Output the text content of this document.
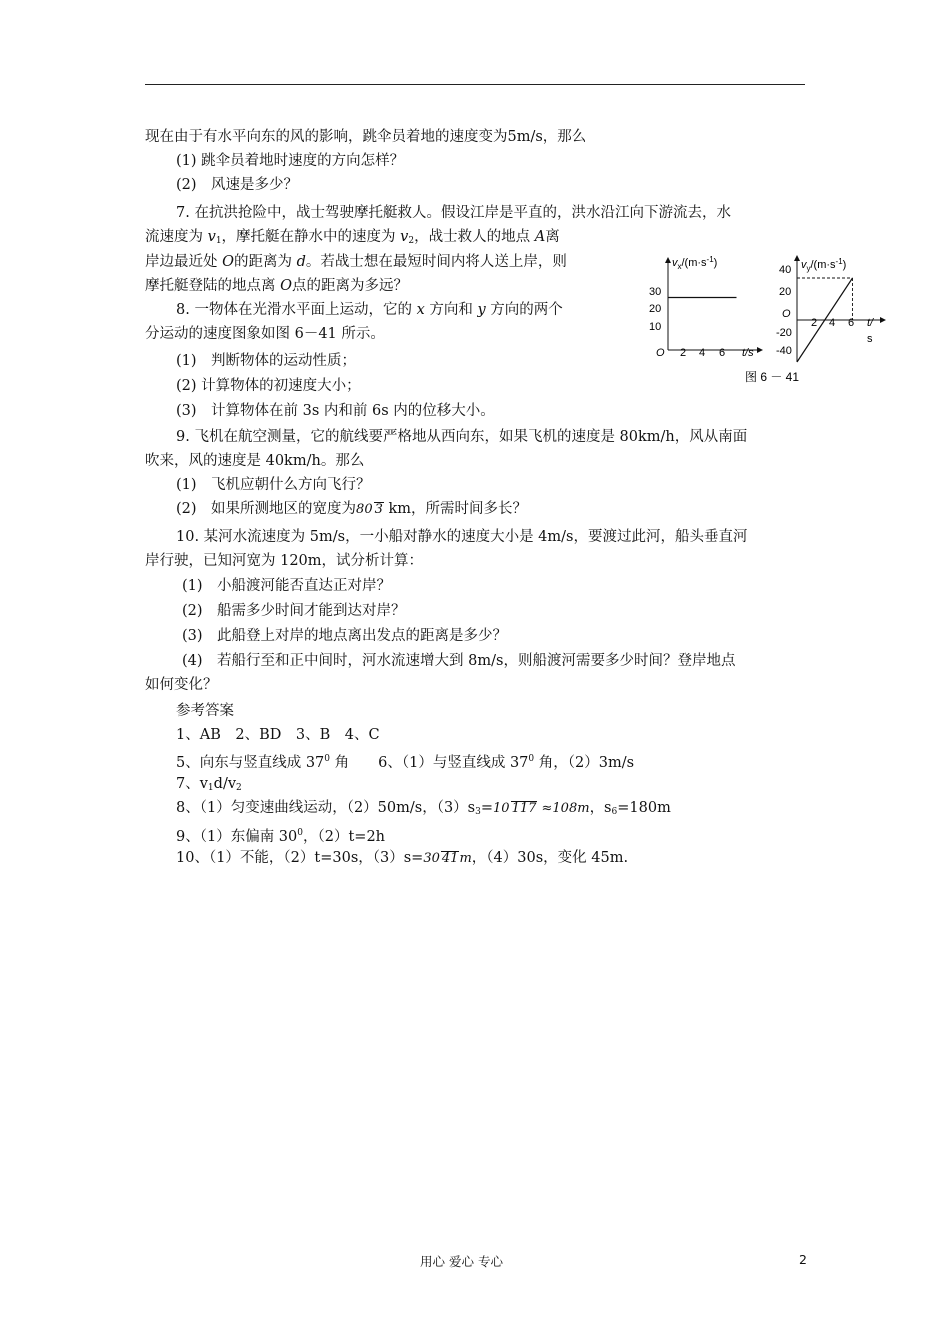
现在由于有水平向东的风的影响，跳伞员着地的速度变为5m/s，那么
(1) 跳伞员着地时速度的方向怎样？
(2)　风速是多少？
7. 在抗洪抢险中，战士驾驶摩托艇救人。假设江岸是平直的，洪水沿江向下游流去，水
流速度为 $v_1$，摩托艇在静水中的速度为 $v_2$，战士救人的地点 A离
岸边最近处 O的距离为 d。若战士想在最短时间内将人送上岸，则
摩托艇登陆的地点离 O点的距离为多远？
8. 一物体在光滑水平面上运动，它的 x 方向和 y 方向的两个
分运动的速度图象如图 6－41 所示。
(1)　判断物体的运动性质；
(2) 计算物体的初速度大小；
(3)　计算物体在前 3s 内和前 6s 内的位移大小。
$v_x/(m\cdot s^{-1})$
30
20
10
O 2 4 6 t/s
$v_y/(m\cdot s^{-1})$
40
20
O
-20
-40
2 4 6 t/
s
图 6 － 41
9. 飞机在航空测量，它的航线要严格地从西向东，如果飞机的速度是 80km/h，风从南面
吹来，风的速度是 40km/h。那么
(1)　飞机应朝什么方向飞行？
(2)　如果所测地区的宽度为80 3 km，所需时间多长？
10. 某河水流速度为 5m/s，一小船对静水的速度大小是 4m/s，要渡过此河，船头垂直河
岸行驶，已知河宽为 120m，试分析计算：
(1)　小船渡河能否直达正对岸？
(2)　船需多少时间才能到达对岸？
(3)　此船登上对岸的地点离出发点的距离是多少？
(4)　若船行至和正中间时，河水流速增大到 8m/s，则船渡河需要多少时间？登岸地点
如何变化？
参考答案
1、AB　2、BD　3、B　4、C
5、向东与竖直线成 $37^0$ 角　　6、（1）与竖直线成 $37^0$ 角，（2）3m/s
7、$v_1d/v_2$
8、（1）匀变速曲线运动，（2）50m/s，$(3)s_3=10$ 117 ≈108m，$s_6=180m$
9、（1）东偏南 $30^0$，（2）t=2h
10、（1）不能，（2）t=30s，（3）s=30 41m，（4）30s，变化 45m.
用心 爱心 专心	2
